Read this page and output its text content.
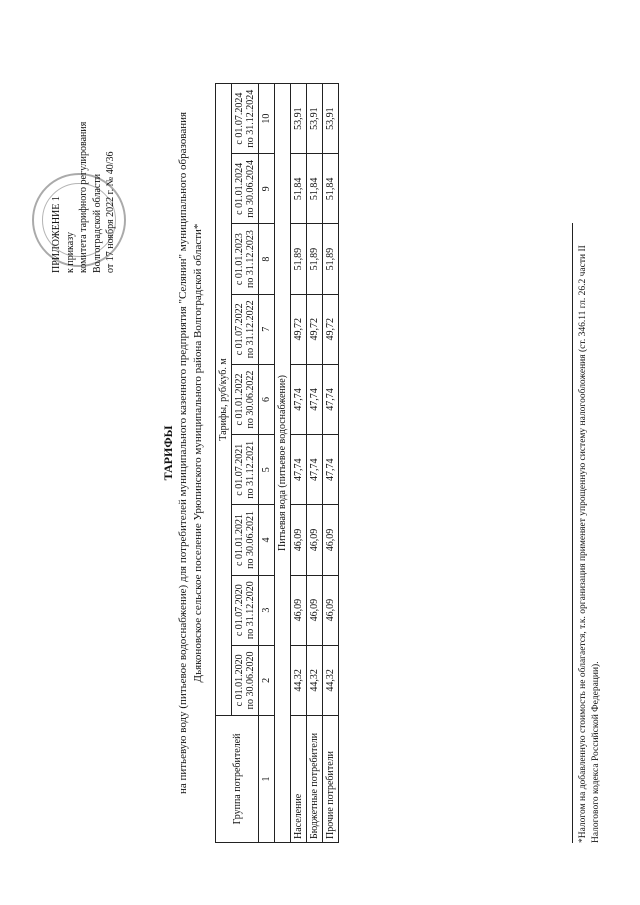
ПРИЛОЖЕНИЕ 1 к приказу комитета тарифного регулирования Волгоградской области от 17 ноября 2022 г. № 40/36
ТАРИФЫ на питьевую воду (питьевое водоснабжение) для потребителей муниципального казенного предприятия "Селянин" муниципального образования Дьяконовское сельское поселение Урюпинского муниципального района Волгоградской области*
Группа потребителей	Тарифы, руб/куб. м								
	с 01.01.2020 по 30.06.2020	с 01.07.2020 по 31.12.2020	с 01.01.2021 по 30.06.2021	с 01.07.2021 по 31.12.2021	с 01.01.2022 по 30.06.2022	с 01.07.2022 по 31.12.2022	с 01.01.2023 по 31.12.2023	с 01.01.2024 по 30.06.2024	с 01.07.2024 по 31.12.2024
1	2	3	4	5	6	7	8	9	10
Питьевая вода (питьевое водоснабжение)									
Население	44,32	46,09	46,09	47,74	47,74	49,72	51,89	51,84	53,91
Бюджетные потребители	44,32	46,09	46,09	47,74	47,74	49,72	51,89	51,84	53,91
Прочие потребители	44,32	46,09	46,09	47,74	47,74	49,72	51,89	51,84	53,91
*Налогом на добавленную стоимость не облагается, т.к. организация применяет упрощенную систему налогообложения (ст. 346.11 гл. 26.2 части II Налогового кодекса Российской Федерации).
